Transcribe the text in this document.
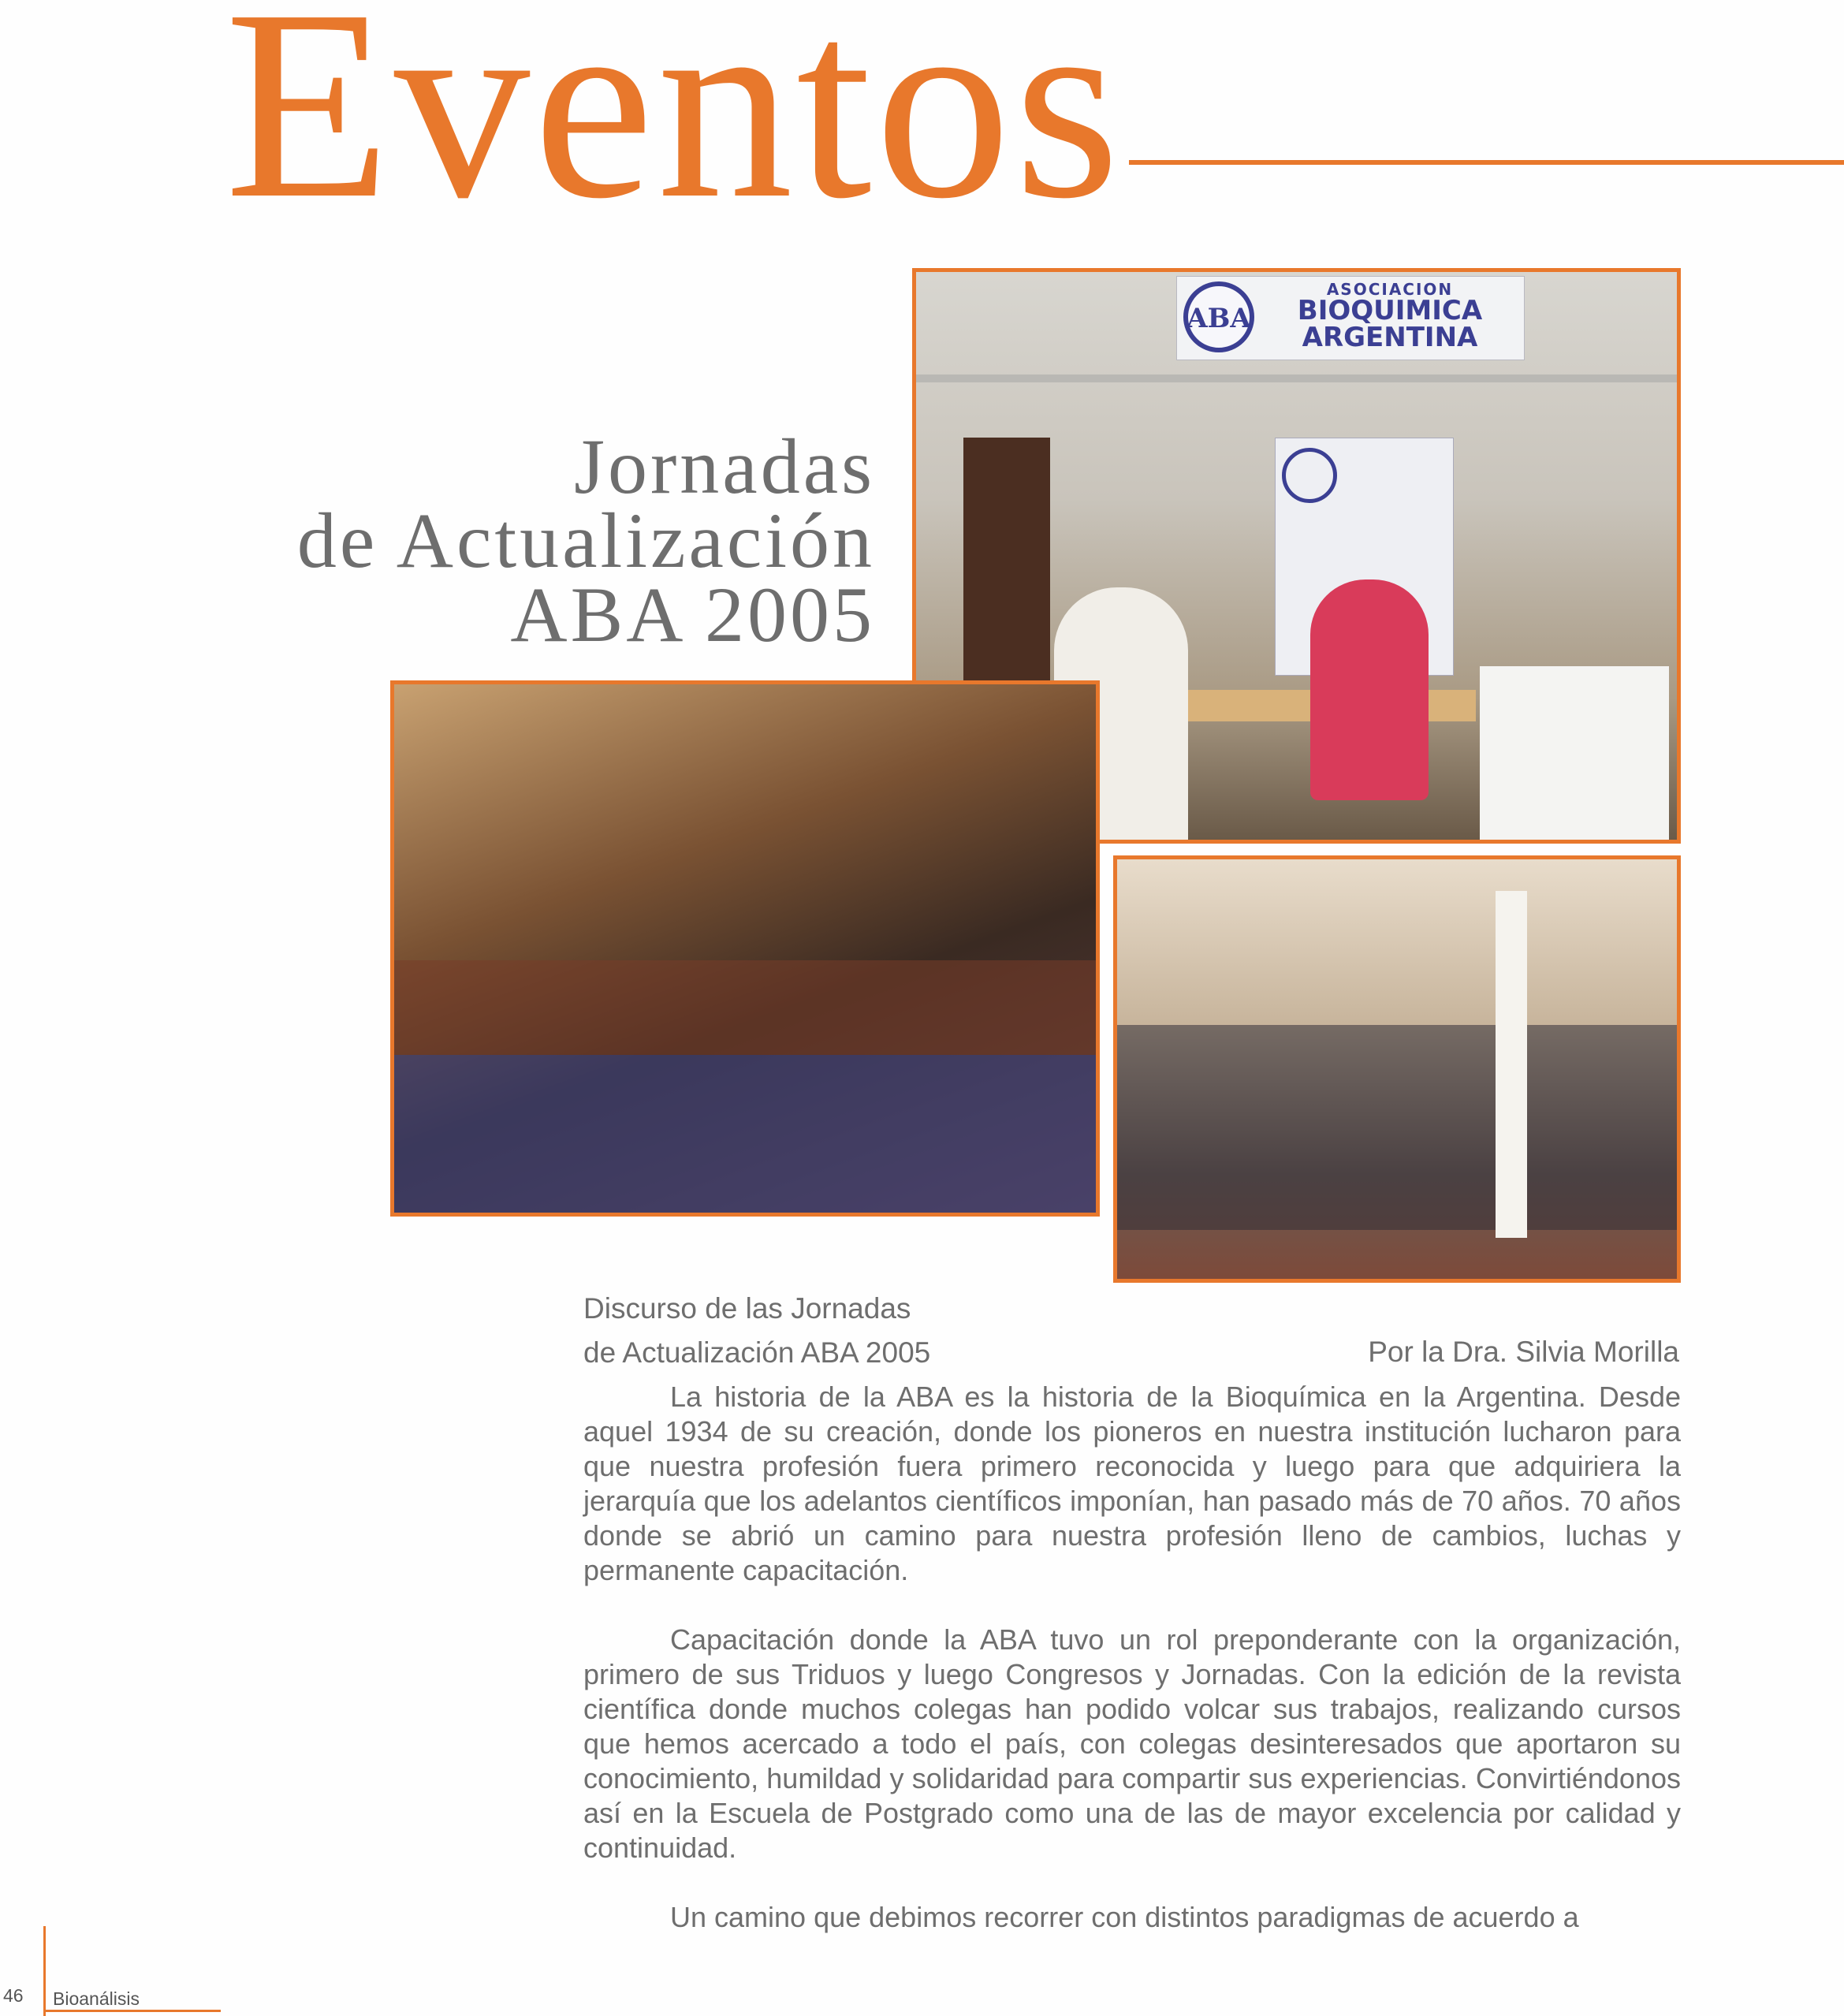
Eventos
Jornadas
de Actualización
ABA 2005
ABA
ASOCIACION
BIOQUIMICA
ARGENTINA
Discurso de las Jornadas
de Actualización ABA 2005	Por la Dra. Silvia Morilla

La historia de la ABA es la historia de la Bioquímica en la Argentina. Desde aquel 1934 de su creación, donde los pioneros en nuestra institución lucharon para que nuestra profesión fuera primero reconocida y luego para que adquiriera la jerarquía que los adelantos científicos imponían, han pasado más de 70 años. 70 años donde se abrió un camino para nuestra profesión lleno de cambios, luchas y permanente capacitación.

Capacitación donde la ABA tuvo un rol preponderante con la organización, primero de sus Triduos y luego Congresos y Jornadas. Con la edición de la revista científica donde muchos colegas han podido volcar sus trabajos, realizando cursos que hemos acercado a todo el país, con colegas desinteresados que aportaron su conocimiento, humildad y solidaridad para compartir sus experiencias. Convirtiéndonos así en la Escuela de Postgrado como una de las de mayor excelencia por calidad y continuidad.

Un camino que debimos recorrer con distintos paradigmas de acuerdo a

46 Bioanálisis
